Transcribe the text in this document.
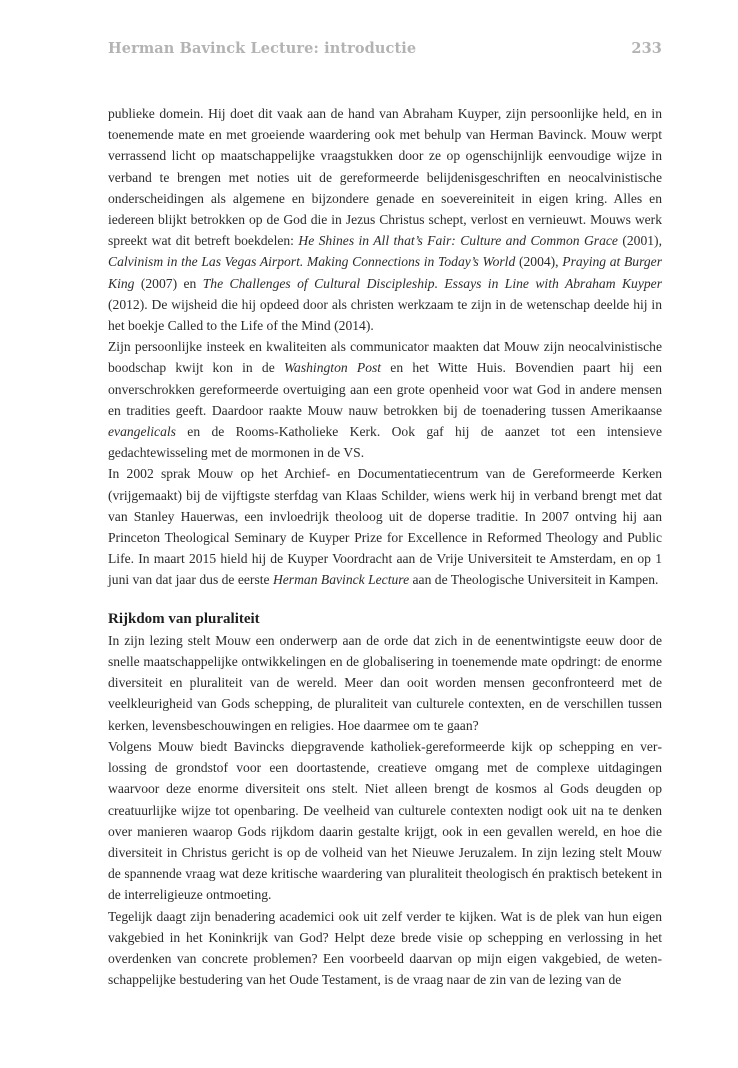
Herman Bavinck Lecture: introductie	233

publieke domein. Hij doet dit vaak aan de hand van Abraham Kuyper, zijn persoonlijke held, en in toenemende mate en met groeiende waardering ook met behulp van Herman Bavinck. Mouw werpt verrassend licht op maatschappelijke vraagstukken door ze op ogenschijnlijk eenvoudige wijze in verband te brengen met noties uit de gereformeerde belijdenisgeschriften en neocalvinistische onderscheidingen als algemene en bijzondere genade en soevereiniteit in eigen kring. Alles en iedereen blijkt betrokken op de God die in Jezus Christus schept, verlost en vernieuwt. Mouws werk spreekt wat dit betreft boekdelen: He Shines in All that’s Fair: Culture and Common Grace (2001), Calvinism in the Las Vegas Airport. Making Connections in Today’s World (2004), Praying at Burger King (2007) en The Challenges of Cultural Discipleship. Essays in Line with Abraham Kuyper (2012). De wijsheid die hij opdeed door als christen werkzaam te zijn in de wetenschap deelde hij in het boekje Called to the Life of the Mind (2014).

Zijn persoonlijke insteek en kwaliteiten als communicator maakten dat Mouw zijn neocalvinistische boodschap kwijt kon in de Washington Post en het Witte Huis. Bovendien paart hij een onverschrokken gereformeerde overtuiging aan een grote openheid voor wat God in andere mensen en tradities geeft. Daardoor raakte Mouw nauw betrokken bij de toenadering tussen Amerikaanse evangelicals en de Rooms-Katholieke Kerk. Ook gaf hij de aanzet tot een intensieve gedachtewisseling met de mormonen in de VS.

In 2002 sprak Mouw op het Archief- en Documentatiecentrum van de Gereformeerde Kerken (vrijgemaakt) bij de vijftigste sterfdag van Klaas Schilder, wiens werk hij in verband brengt met dat van Stanley Hauerwas, een invloedrijk theoloog uit de doperse traditie. In 2007 ontving hij aan Princeton Theological Seminary de Kuyper Prize for Excellence in Reformed Theology and Public Life. In maart 2015 hield hij de Kuyper Voordracht aan de Vrije Universiteit te Amsterdam, en op 1 juni van dat jaar dus de eerste Herman Bavinck Lecture aan de Theologische Universiteit in Kampen.

Rijkdom van pluraliteit

In zijn lezing stelt Mouw een onderwerp aan de orde dat zich in de eenentwintigste eeuw door de snelle maatschappelijke ontwikkelingen en de globalisering in toenemende mate opdringt: de enorme diversiteit en pluraliteit van de wereld. Meer dan ooit worden mensen geconfronteerd met de veelkleurigheid van Gods schepping, de pluraliteit van culturele contexten, en de verschillen tussen kerken, levensbeschouwingen en religies. Hoe daarmee om te gaan?

Volgens Mouw biedt Bavincks diepgravende katholiek-gereformeerde kijk op schepping en verlossing de grondstof voor een doortastende, creatieve omgang met de complexe uitdagingen waarvoor deze enorme diversiteit ons stelt. Niet alleen brengt de kosmos al Gods deugden op creatuurlijke wijze tot openbaring. De veelheid van culturele contexten nodigt ook uit na te denken over manieren waarop Gods rijkdom daarin gestalte krijgt, ook in een gevallen wereld, en hoe die diversiteit in Christus gericht is op de volheid van het Nieuwe Jeruzalem. In zijn lezing stelt Mouw de spannende vraag wat deze kritische waardering van pluraliteit theologisch én praktisch betekent in de interreligieuze ontmoeting.

Tegelijk daagt zijn benadering academici ook uit zelf verder te kijken. Wat is de plek van hun eigen vakgebied in het Koninkrijk van God? Helpt deze brede visie op schepping en verlossing in het overdenken van concrete problemen? Een voorbeeld daarvan op mijn eigen vakgebied, de wetenschappelijke bestudering van het Oude Testament, is de vraag naar de zin van de lezing van de
